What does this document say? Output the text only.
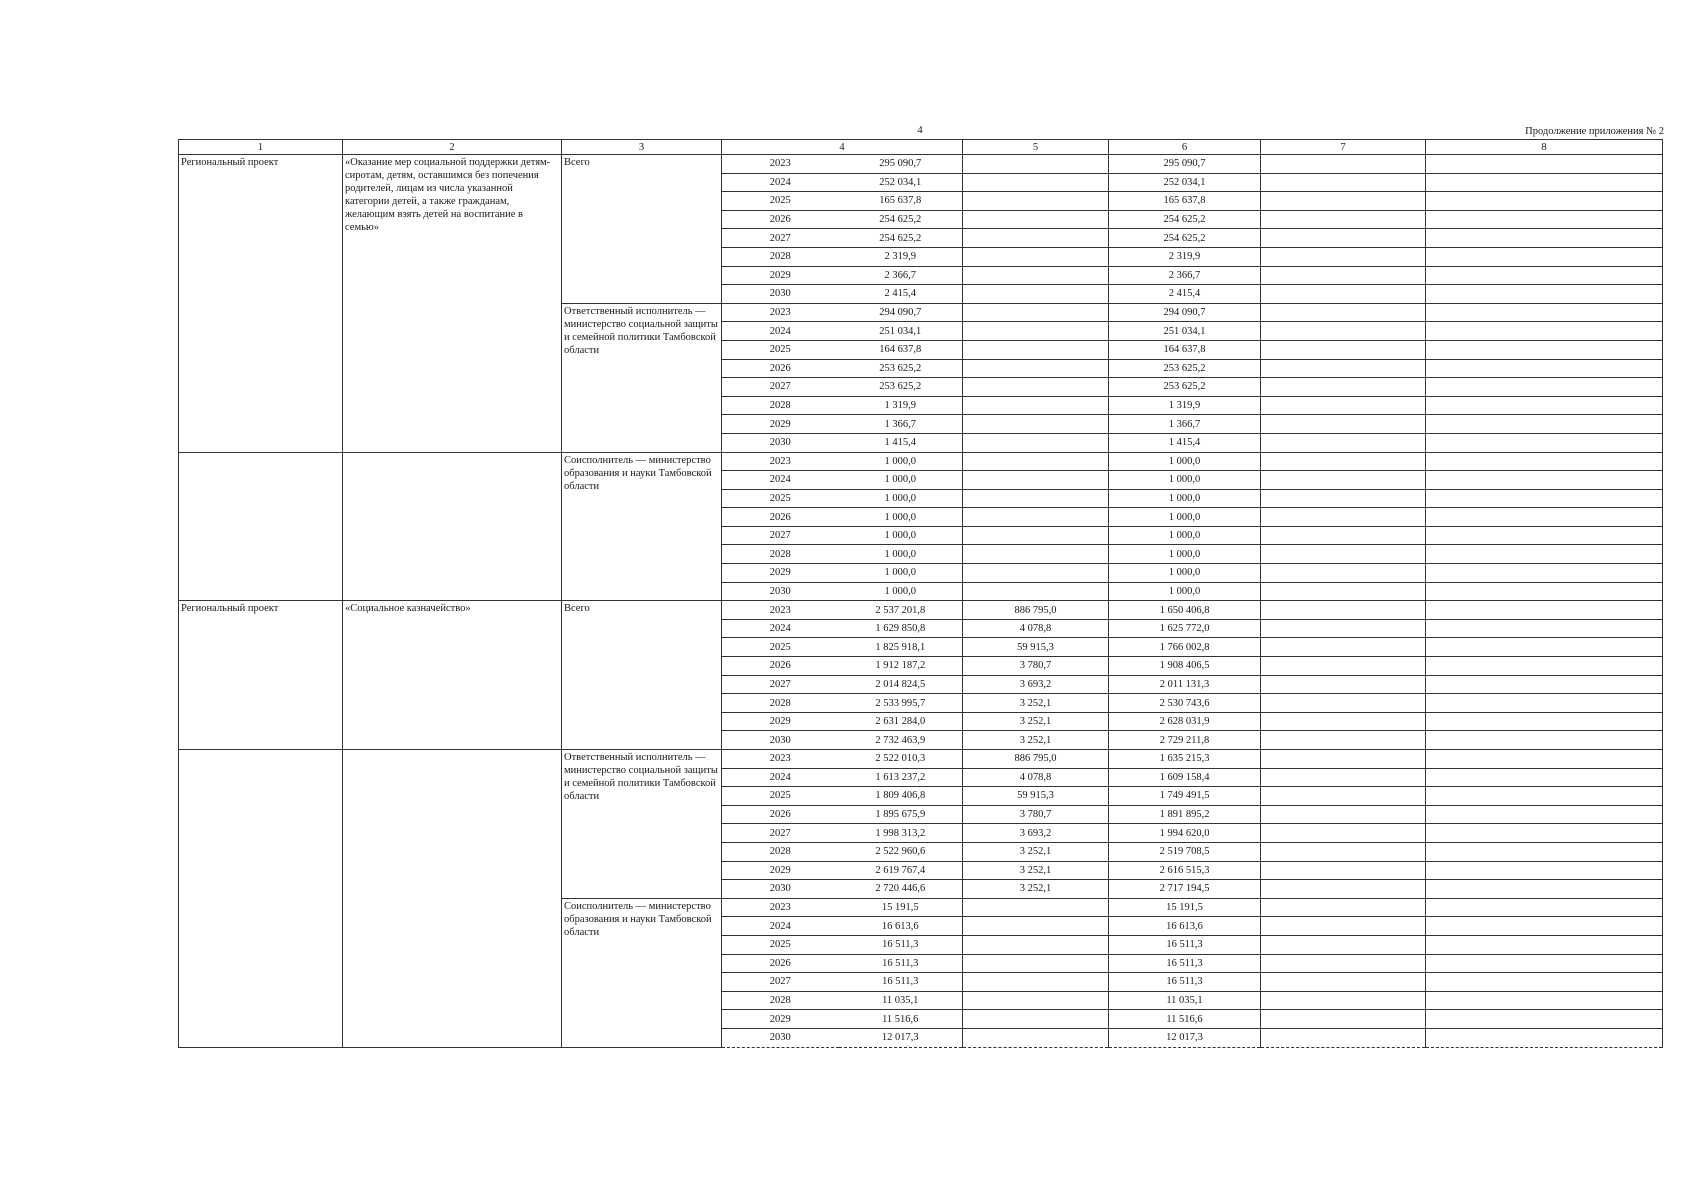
4	Продолжение приложения № 2
1	2	3	4		5	6	7	8
Региональный проект	«Оказание мер социальной поддержки детям-сиротам, детям, оставшимся без попечения родителей, лицам из числа указанной категории детей, а также гражданам, желающим взять детей на воспитание в семью»	Всего	2023	295 090,7		295 090,7		
			2024	252 034,1		252 034,1		
			2025	165 637,8		165 637,8		
			2026	254 625,2		254 625,2		
			2027	254 625,2		254 625,2		
			2028	2 319,9		2 319,9		
			2029	2 366,7		2 366,7		
			2030	2 415,4		2 415,4		
		Ответственный исполнитель — министерство социальной защиты и семейной политики Тамбовской области	2023	294 090,7		294 090,7		
			2024	251 034,1		251 034,1		
			2025	164 637,8		164 637,8		
			2026	253 625,2		253 625,2		
			2027	253 625,2		253 625,2		
			2028	1 319,9		1 319,9		
			2029	1 366,7		1 366,7		
			2030	1 415,4		1 415,4		
		Соисполнитель — министерство образования и науки Тамбовской области	2023	1 000,0		1 000,0		
			2024	1 000,0		1 000,0		
			2025	1 000,0		1 000,0		
			2026	1 000,0		1 000,0		
			2027	1 000,0		1 000,0		
			2028	1 000,0		1 000,0		
			2029	1 000,0		1 000,0		
			2030	1 000,0		1 000,0		
Региональный проект	«Социальное казначейство»	Всего	2023	2 537 201,8	886 795,0	1 650 406,8		
			2024	1 629 850,8	4 078,8	1 625 772,0		
			2025	1 825 918,1	59 915,3	1 766 002,8		
			2026	1 912 187,2	3 780,7	1 908 406,5		
			2027	2 014 824,5	3 693,2	2 011 131,3		
			2028	2 533 995,7	3 252,1	2 530 743,6		
			2029	2 631 284,0	3 252,1	2 628 031,9		
			2030	2 732 463,9	3 252,1	2 729 211,8		
		Ответственный исполнитель — министерство социальной защиты и семейной политики Тамбовской области	2023	2 522 010,3	886 795,0	1 635 215,3		
			2024	1 613 237,2	4 078,8	1 609 158,4		
			2025	1 809 406,8	59 915,3	1 749 491,5		
			2026	1 895 675,9	3 780,7	1 891 895,2		
			2027	1 998 313,2	3 693,2	1 994 620,0		
			2028	2 522 960,6	3 252,1	2 519 708,5		
			2029	2 619 767,4	3 252,1	2 616 515,3		
			2030	2 720 446,6	3 252,1	2 717 194,5		
		Соисполнитель — министерство образования и науки Тамбовской области	2023	15 191,5		15 191,5		
			2024	16 613,6		16 613,6		
			2025	16 511,3		16 511,3		
			2026	16 511,3		16 511,3		
			2027	16 511,3		16 511,3		
			2028	11 035,1		11 035,1		
			2029	11 516,6		11 516,6		
			2030	12 017,3		12 017,3		
